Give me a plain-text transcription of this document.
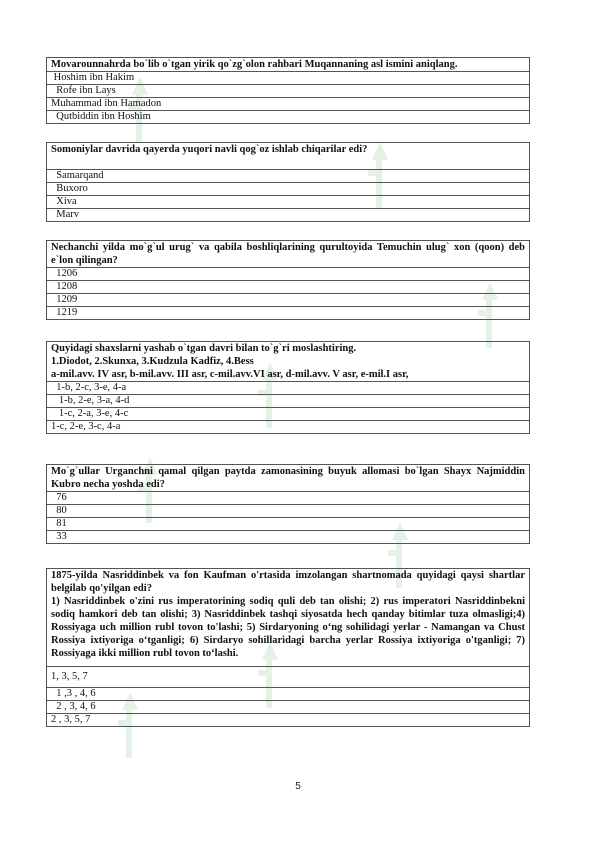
Movarounnahrda bo`lib o`tgan yirik qo`zg`olon rahbari Muqannaning asl ismini aniqlang.
Hoshim ibn Hakim
Rofe ibn Lays
Muhammad ibn Hamadon
Qutbiddin ibn Hoshim
Somoniylar davrida qayerda yuqori navli qog`oz ishlab chiqarilar edi?
Samarqand
Buxoro
Xiva
Marv
Nechanchi yilda mo`g`ul urug` va qabila boshliqlarining qurultoyida Temuchin ulug` xon (qoon) deb e`lon qilingan?
1206
1208
1209
1219
Quyidagi shaxslarni yashab o`tgan davri bilan to`g`ri moslashtiring.
1.Diodot, 2.Skunxa, 3.Kudzula Kadfiz, 4.Bess
a-mil.avv. IV asr, b-mil.avv. III asr, c-mil.avv.VI asr, d-mil.avv. V asr, e-mil.I asr,

1-b, 2-c, 3-e, 4-a
1-b, 2-e, 3-a, 4-d
1-c, 2-a, 3-e, 4-c
1-c, 2-e, 3-c, 4-a
Mo`g`ullar Urganchni qamal qilgan paytda zamonasining buyuk allomasi bo`lgan Shayx Najmiddin Kubro necha yoshda edi?
76
80
81
33
1875-yilda Nasriddinbek va fon Kaufman o'rtasida imzolangan shartnomada quyidagi qaysi shartlar belgilab qo'yilgan edi?
1) Nasriddinbek o'zini rus imperatorining sodiq quli deb tan olishi; 2) rus imperatori Nasriddinbekni sodiq hamkori deb tan olishi; 3) Nasriddinbek tashqi siyosatda hech qanday bitimlar tuza olmasligi;4) Rossiyaga uch million rubl tovon to'lashi; 5) Sirdaryoning o‘ng sohilidagi yerlar - Namangan va Chust Rossiya ixtiyoriga o‘tganligi; 6) Sirdaryo sohillaridagi barcha yerlar Rossiya ixtiyoriga o'tganligi; 7) Rossiyaga ikki million rubl tovon to‘lashi.

1, 3, 5, 7
1 ,3 , 4, 6
2 , 3, 4, 6
2 , 3, 5, 7
5
